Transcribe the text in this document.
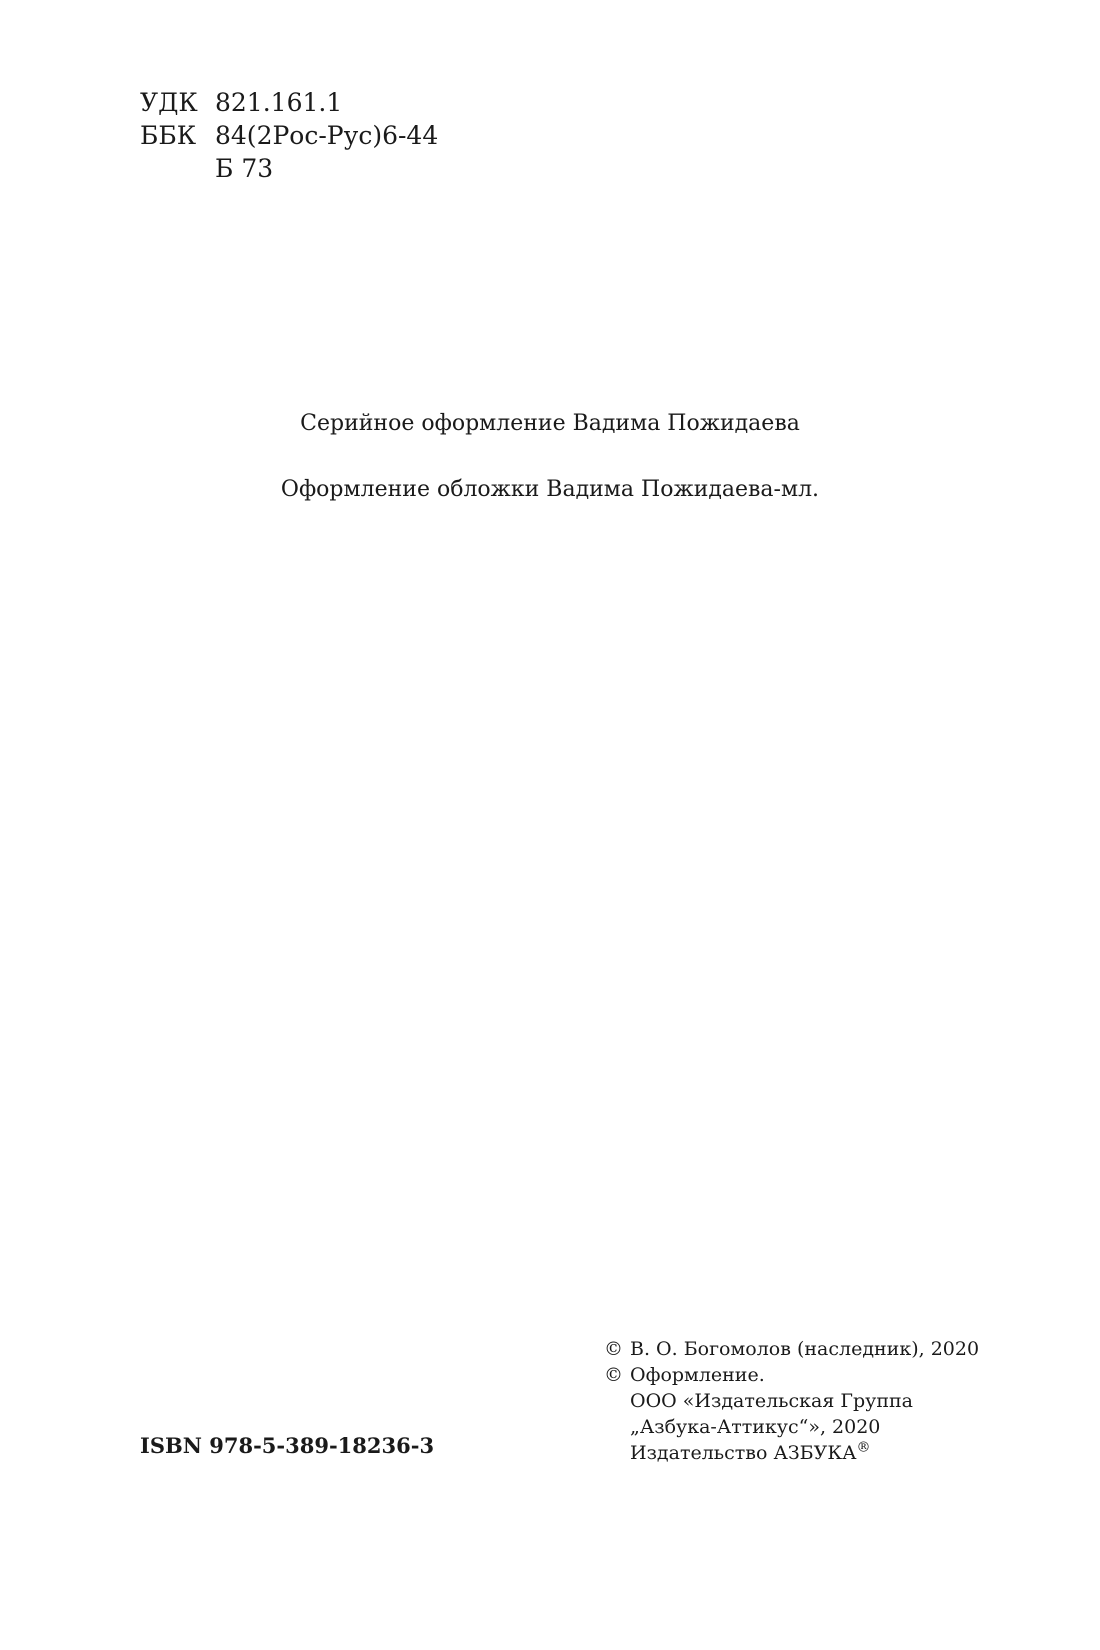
УДК 821.161.1
ББК 84(2Рос-Рус)6-44
Б 73
Серийное оформление Вадима Пожидаева
Оформление обложки Вадима Пожидаева-мл.
ISBN 978-5-389-18236-3
© В. О. Богомолов (наследник), 2020
© Оформление.
ООО «Издательская Группа
„Азбука-Аттикус“», 2020
Издательство АЗБУКА®
